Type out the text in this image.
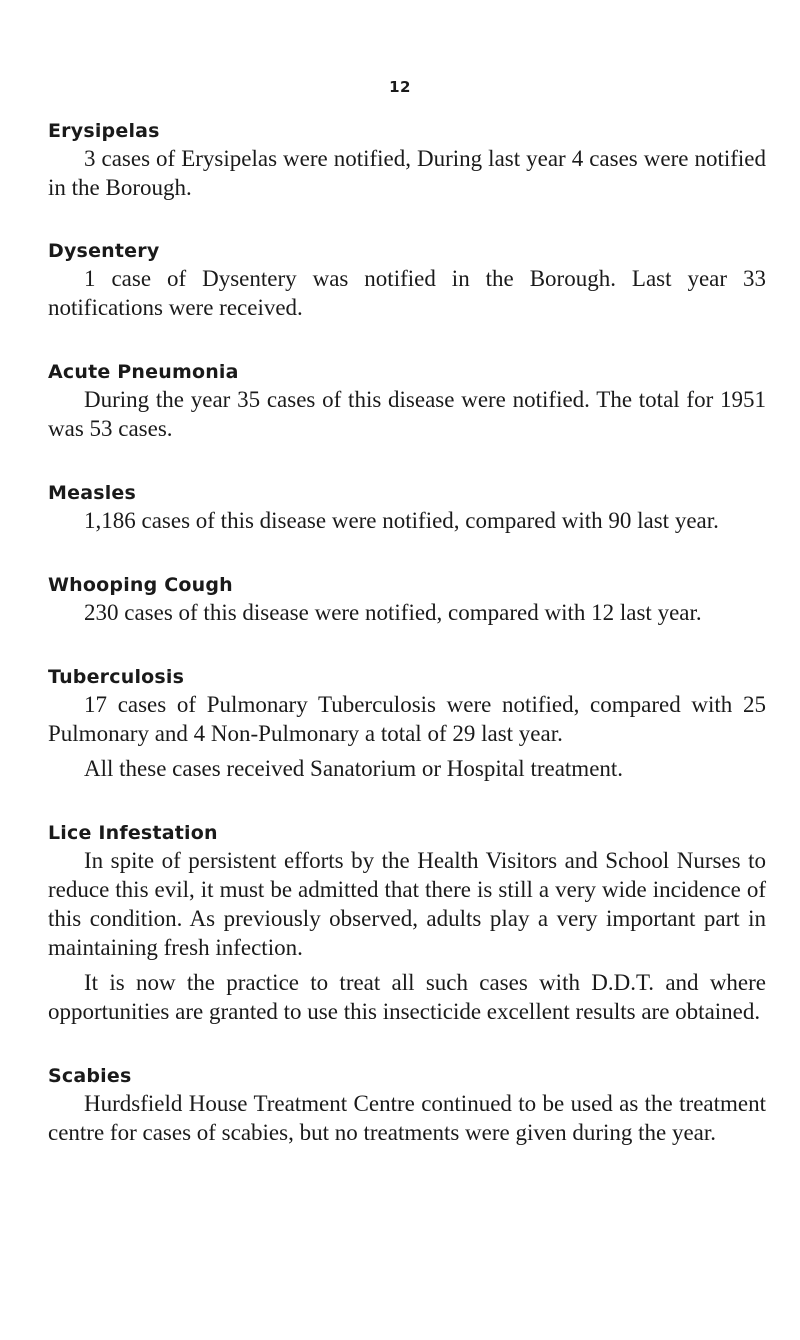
12
Erysipelas

3 cases of Erysipelas were notified, During last year 4 cases were notified in the Borough.

Dysentery

1 case of Dysentery was notified in the Borough. Last year 33 notifications were received.

Acute Pneumonia

During the year 35 cases of this disease were notified. The total for 1951 was 53 cases.

Measles

1,186 cases of this disease were notified, compared with 90 last year.

Whooping Cough

230 cases of this disease were notified, compared with 12 last year.

Tuberculosis

17 cases of Pulmonary Tuberculosis were notified, compared with 25 Pulmonary and 4 Non-Pulmonary a total of 29 last year.

All these cases received Sanatorium or Hospital treatment.

Lice Infestation

In spite of persistent efforts by the Health Visitors and School Nurses to reduce this evil, it must be admitted that there is still a very wide incidence of this condition. As previously observed, adults play a very important part in maintaining fresh infection.

It is now the practice to treat all such cases with D.D.T. and where opportunities are granted to use this insecticide excellent results are obtained.

Scabies

Hurdsfield House Treatment Centre continued to be used as the treatment centre for cases of scabies, but no treatments were given during the year.
